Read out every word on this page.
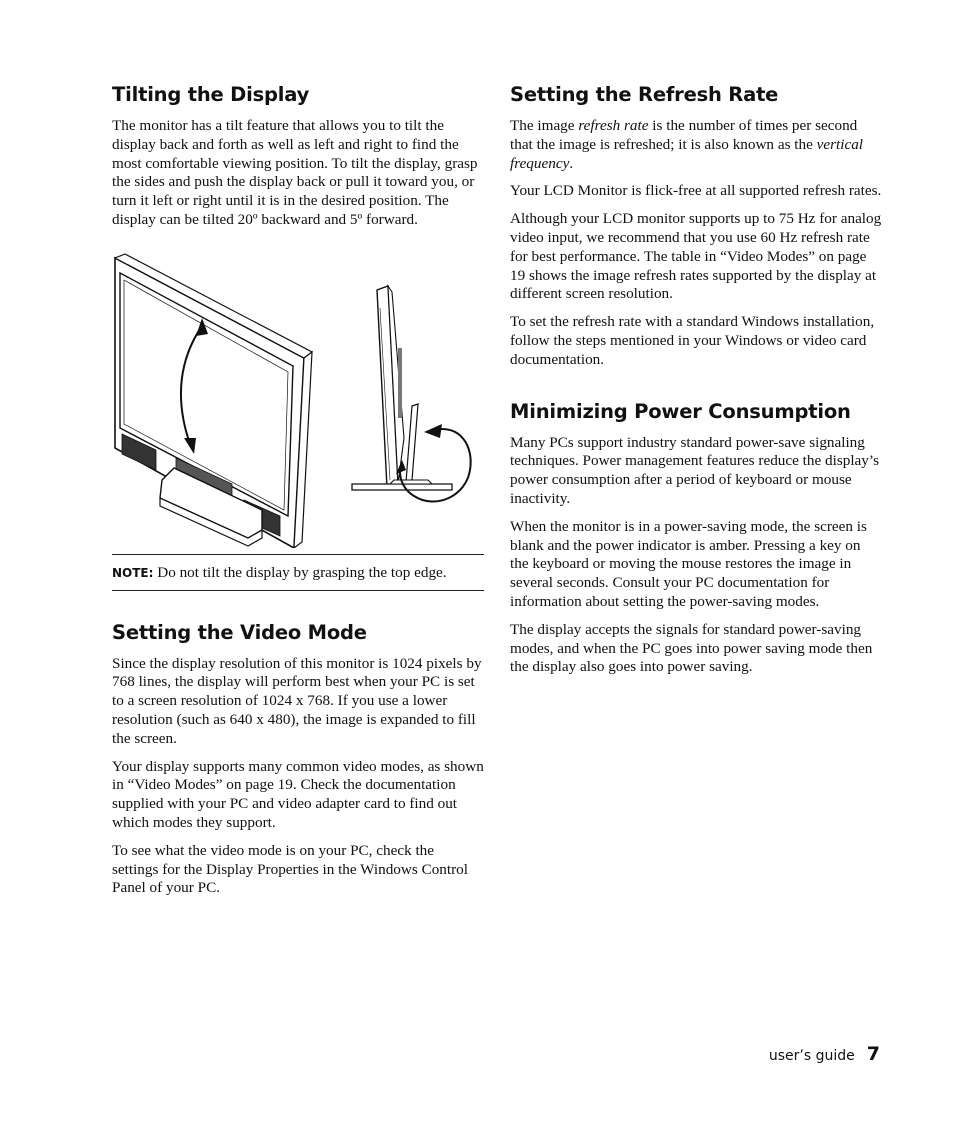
Tilting the Display

The monitor has a tilt feature that allows you to tilt the display back and forth as well as left and right to find the most comfortable viewing position. To tilt the display, grasp the sides and push the display back or pull it toward you, or turn it left or right until it is in the desired position. The display can be tilted 20º backward and 5º forward.

NOTE: Do not tilt the display by grasping the top edge.

Setting the Video Mode

Since the display resolution of this monitor is 1024 pixels by 768 lines, the display will perform best when your PC is set to a screen resolution of 1024 x 768. If you use a lower resolution (such as 640 x 480), the image is expanded to fill the screen.

Your display supports many common video modes, as shown in “Video Modes” on page 19. Check the documentation supplied with your PC and video adapter card to find out which modes they support.

To see what the video mode is on your PC, check the settings for the Display Properties in the Windows Control Panel of your PC.

Setting the Refresh Rate

The image refresh rate is the number of times per second that the image is refreshed; it is also known as the vertical frequency.

Your LCD Monitor is flick-free at all supported refresh rates.

Although your LCD monitor supports up to 75 Hz for analog video input, we recommend that you use 60 Hz refresh rate for best performance. The table in “Video Modes” on page 19 shows the image refresh rates supported by the display at different screen resolution.

To set the refresh rate with a standard Windows installation, follow the steps mentioned in your Windows or video card documentation.

Minimizing Power Consumption

Many PCs support industry standard power-save signaling techniques. Power management features reduce the display’s power consumption after a period of keyboard or mouse inactivity.

When the monitor is in a power-saving mode, the screen is blank and the power indicator is amber. Pressing a key on the keyboard or moving the mouse restores the image in several seconds. Consult your PC documentation for information about setting the power-saving modes.

The display accepts the signals for standard power-saving modes, and when the PC goes into power saving mode then the display also goes into power saving.

user’s guide 7
